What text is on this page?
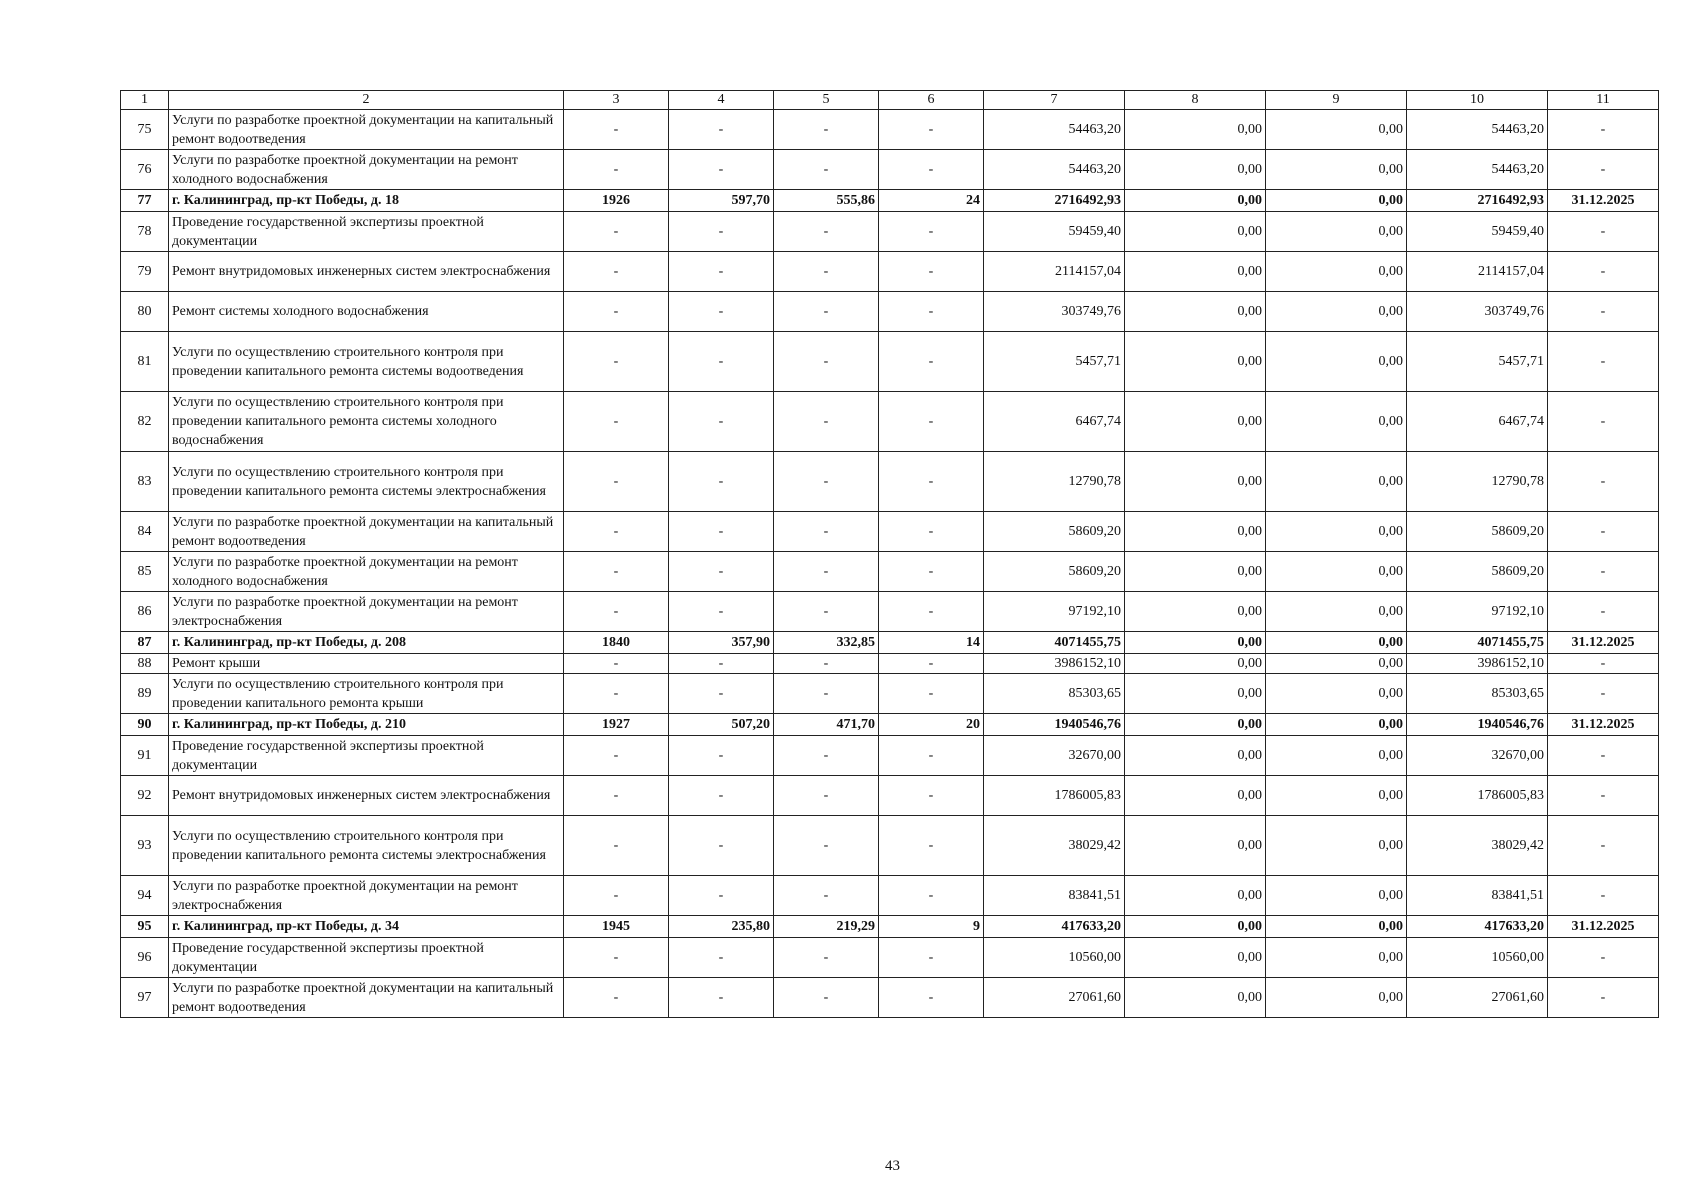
1	2	3	4	5	6	7	8	9	10	11
75	Услуги по разработке проектной документации на капитальный ремонт водоотведения	-	-	-	-	54463,20	0,00	0,00	54463,20	-
76	Услуги по разработке проектной документации на ремонт холодного водоснабжения	-	-	-	-	54463,20	0,00	0,00	54463,20	-
77	г. Калининград, пр-кт Победы, д. 18	1926	597,70	555,86	24	2716492,93	0,00	0,00	2716492,93	31.12.2025
78	Проведение государственной экспертизы проектной документации	-	-	-	-	59459,40	0,00	0,00	59459,40	-
79	Ремонт внутридомовых инженерных систем электроснабжения	-	-	-	-	2114157,04	0,00	0,00	2114157,04	-
80	Ремонт системы холодного водоснабжения	-	-	-	-	303749,76	0,00	0,00	303749,76	-
81	Услуги по осуществлению строительного контроля при проведении капитального ремонта системы водоотведения	-	-	-	-	5457,71	0,00	0,00	5457,71	-
82	Услуги по осуществлению строительного контроля при проведении капитального ремонта системы холодного водоснабжения	-	-	-	-	6467,74	0,00	0,00	6467,74	-
83	Услуги по осуществлению строительного контроля при проведении капитального ремонта системы электроснабжения	-	-	-	-	12790,78	0,00	0,00	12790,78	-
84	Услуги по разработке проектной документации на капитальный ремонт водоотведения	-	-	-	-	58609,20	0,00	0,00	58609,20	-
85	Услуги по разработке проектной документации на ремонт холодного водоснабжения	-	-	-	-	58609,20	0,00	0,00	58609,20	-
86	Услуги по разработке проектной документации на ремонт электроснабжения	-	-	-	-	97192,10	0,00	0,00	97192,10	-
87	г. Калининград, пр-кт Победы, д. 208	1840	357,90	332,85	14	4071455,75	0,00	0,00	4071455,75	31.12.2025
88	Ремонт крыши	-	-	-	-	3986152,10	0,00	0,00	3986152,10	-
89	Услуги по осуществлению строительного контроля при проведении капитального ремонта крыши	-	-	-	-	85303,65	0,00	0,00	85303,65	-
90	г. Калининград, пр-кт Победы, д. 210	1927	507,20	471,70	20	1940546,76	0,00	0,00	1940546,76	31.12.2025
91	Проведение государственной экспертизы проектной документации	-	-	-	-	32670,00	0,00	0,00	32670,00	-
92	Ремонт внутридомовых инженерных систем электроснабжения	-	-	-	-	1786005,83	0,00	0,00	1786005,83	-
93	Услуги по осуществлению строительного контроля при проведении капитального ремонта системы электроснабжения	-	-	-	-	38029,42	0,00	0,00	38029,42	-
94	Услуги по разработке проектной документации на ремонт электроснабжения	-	-	-	-	83841,51	0,00	0,00	83841,51	-
95	г. Калининград, пр-кт Победы, д. 34	1945	235,80	219,29	9	417633,20	0,00	0,00	417633,20	31.12.2025
96	Проведение государственной экспертизы проектной документации	-	-	-	-	10560,00	0,00	0,00	10560,00	-
97	Услуги по разработке проектной документации на капитальный ремонт водоотведения	-	-	-	-	27061,60	0,00	0,00	27061,60	-
43
